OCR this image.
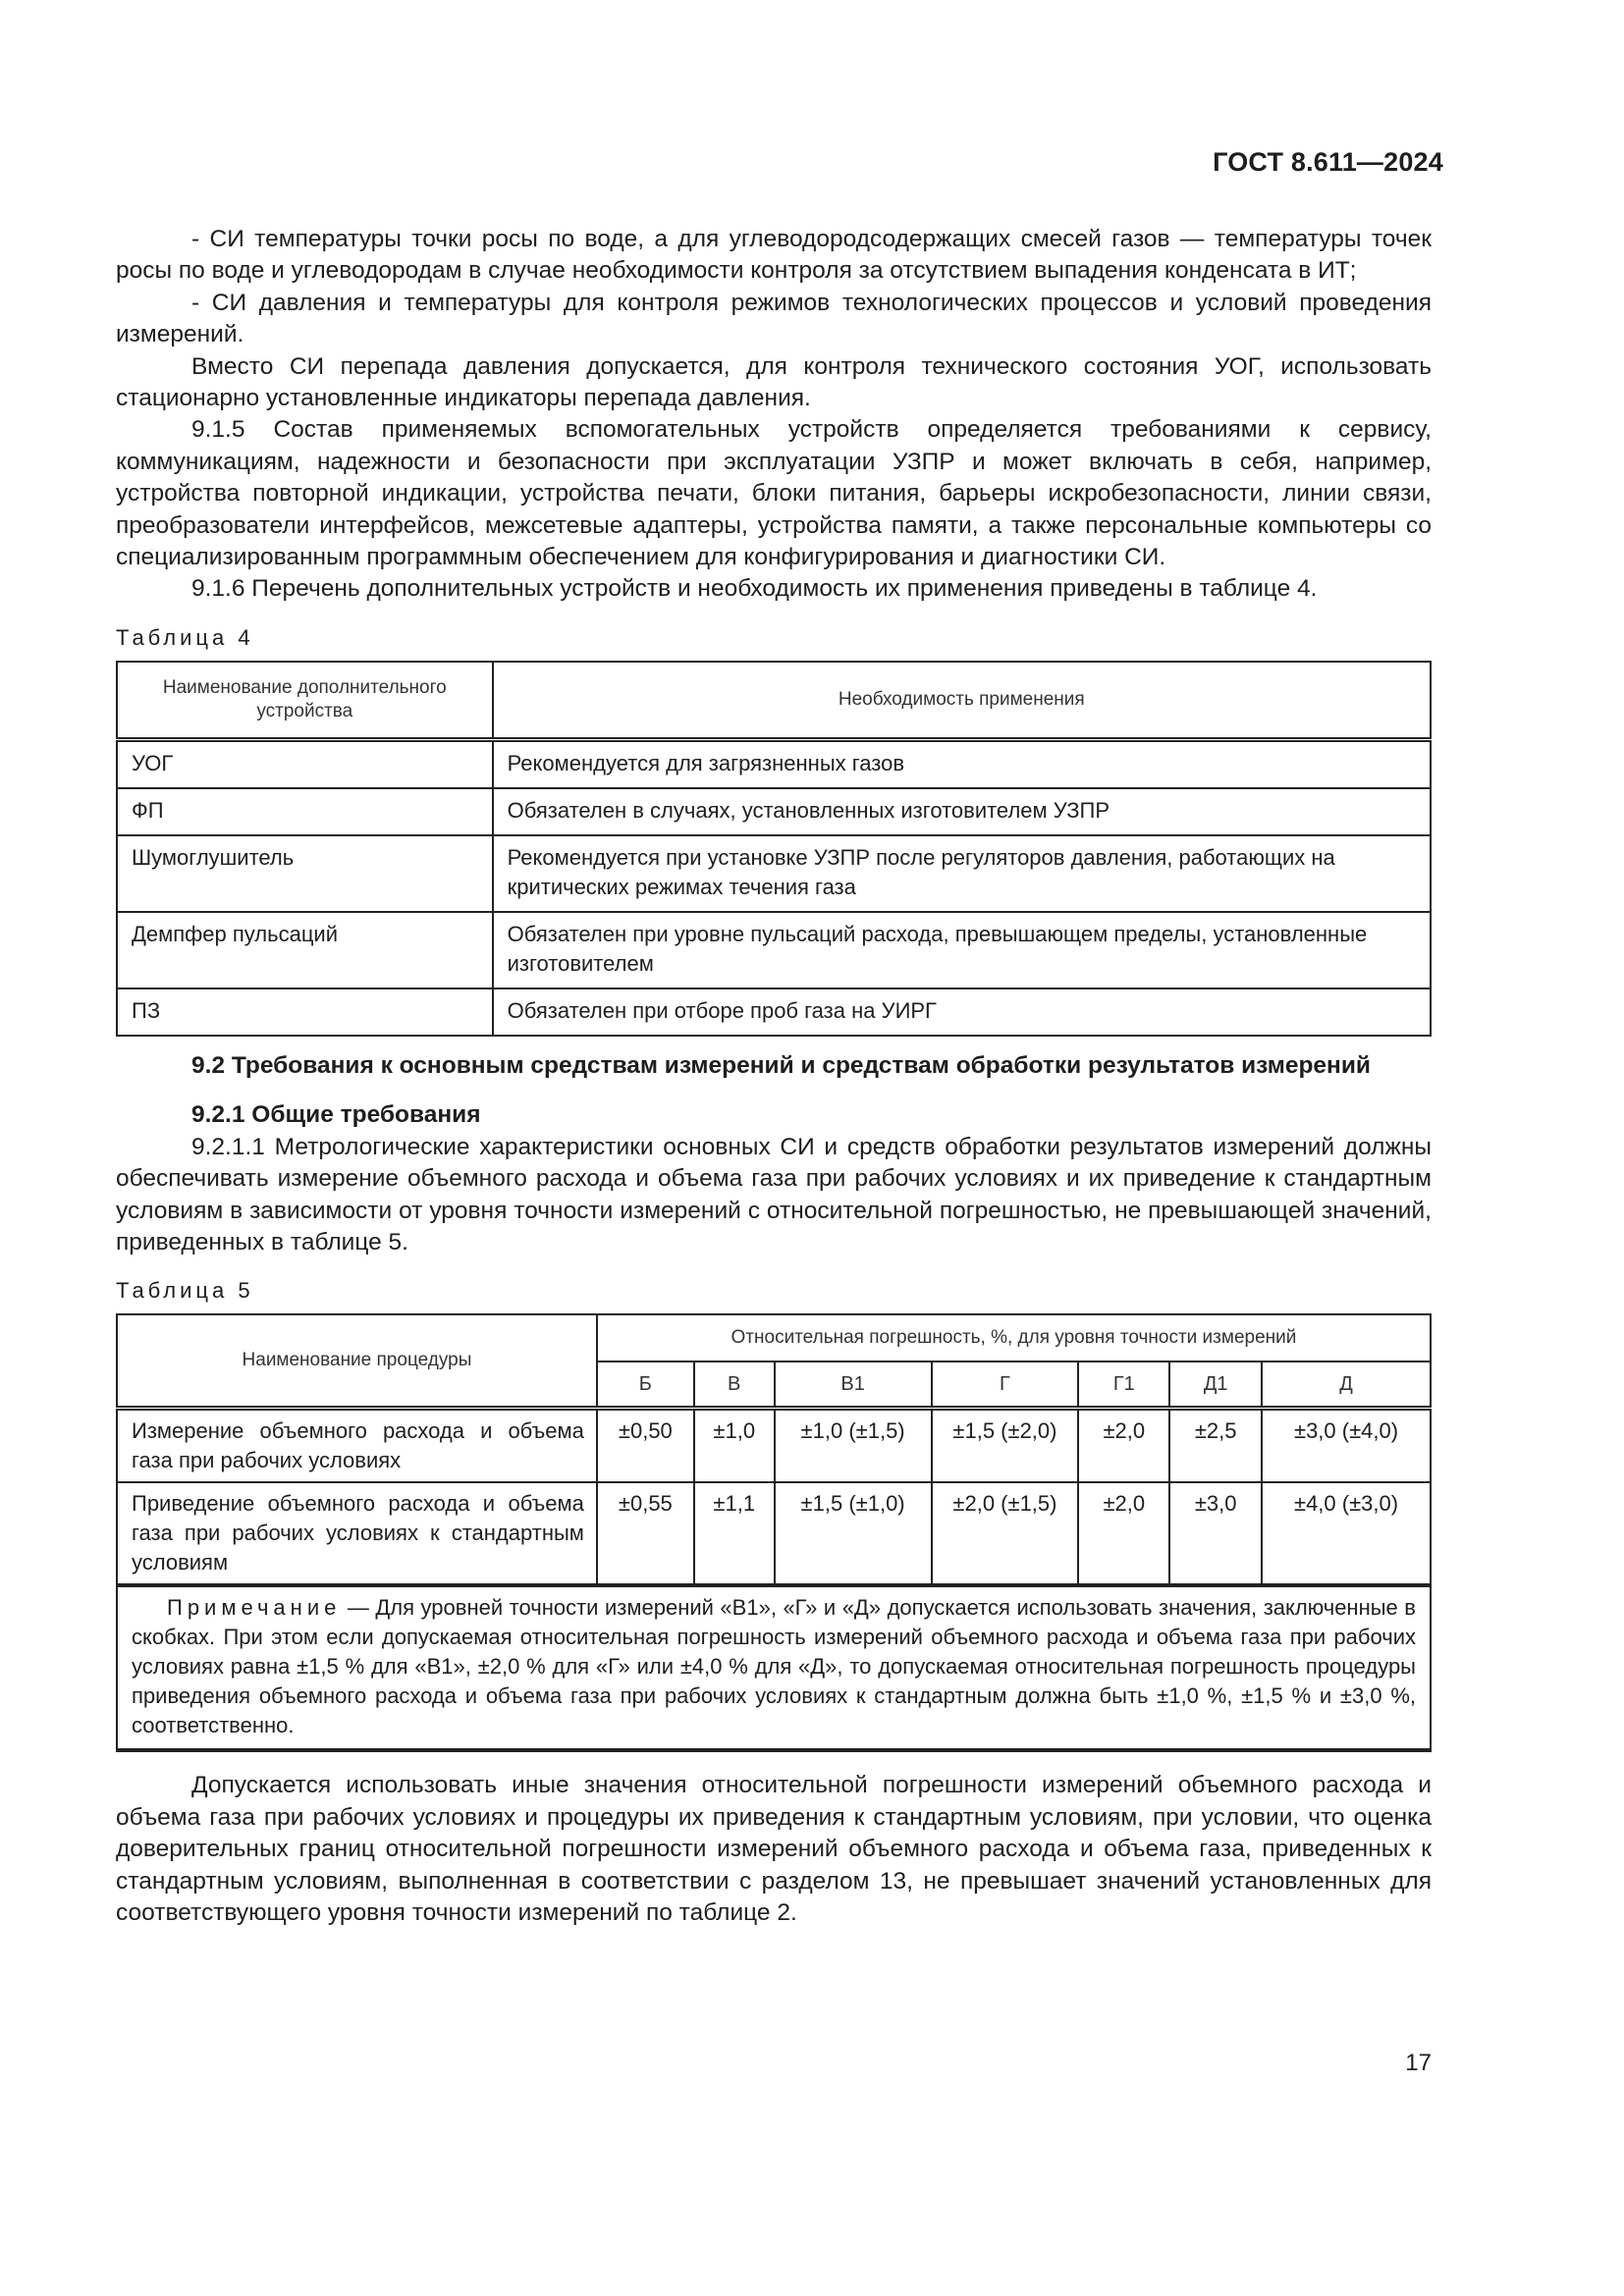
ГОСТ 8.611—2024

- СИ температуры точки росы по воде, а для углеводородсодержащих смесей газов — температуры точек росы по воде и углеводородам в случае необходимости контроля за отсутствием выпадения конденсата в ИТ;

- СИ давления и температуры для контроля режимов технологических процессов и условий проведения измерений.

Вместо СИ перепада давления допускается, для контроля технического состояния УОГ, использовать стационарно установленные индикаторы перепада давления.

9.1.5 Состав применяемых вспомогательных устройств определяется требованиями к сервису, коммуникациям, надежности и безопасности при эксплуатации УЗПР и может включать в себя, например, устройства повторной индикации, устройства печати, блоки питания, барьеры искробезопасности, линии связи, преобразователи интерфейсов, межсетевые адаптеры, устройства памяти, а также персональные компьютеры со специализированным программным обеспечением для конфигурирования и диагностики СИ.

9.1.6 Перечень дополнительных устройств и необходимость их применения приведены в таблице 4.

Таблица 4
Наименование дополнительного устройства	Необходимость применения
УОГ	Рекомендуется для загрязненных газов
ФП	Обязателен в случаях, установленных изготовителем УЗПР
Шумоглушитель	Рекомендуется при установке УЗПР после регуляторов давления, работающих на критических режимах течения газа
Демпфер пульсаций	Обязателен при уровне пульсаций расхода, превышающем пределы, установленные изготовителем
ПЗ	Обязателен при отборе проб газа на УИРГ
9.2 Требования к основным средствам измерений и средствам обработки результатов измерений
9.2.1 Общие требования

9.2.1.1 Метрологические характеристики основных СИ и средств обработки результатов измерений должны обеспечивать измерение объемного расхода и объема газа при рабочих условиях и их приведение к стандартным условиям в зависимости от уровня точности измерений с относительной погрешностью, не превышающей значений, приведенных в таблице 5.

Таблица 5
Наименование процедуры	Относительная погрешность, %, для уровня точности измерений						
	Б	В	В1	Г	Г1	Д1	Д
Измерение объемного расхода и объема газа при рабочих условиях	±0,50	±1,0	±1,0 (±1,5)	±1,5 (±2,0)	±2,0	±2,5	±3,0 (±4,0)
Приведение объемного расхода и объема газа при рабочих условиях к стандартным условиям	±0,55	±1,1	±1,5 (±1,0)	±2,0 (±1,5)	±2,0	±3,0	±4,0 (±3,0)

Примечание — Для уровней точности измерений «В1», «Г» и «Д» допускается использовать значения, заключенные в скобках. При этом если допускаемая относительная погрешность измерений объемного расхода и объема газа при рабочих условиях равна ±1,5 % для «В1», ±2,0 % для «Г» или ±4,0 % для «Д», то допускаемая относительная погрешность процедуры приведения объемного расхода и объема газа при рабочих условиях к стандартным должна быть ±1,0 %, ±1,5 % и ±3,0 %, соответственно.							

Допускается использовать иные значения относительной погрешности измерений объемного расхода и объема газа при рабочих условиях и процедуры их приведения к стандартным условиям, при условии, что оценка доверительных границ относительной погрешности измерений объемного расхода и объема газа, приведенных к стандартным условиям, выполненная в соответствии с разделом 13, не превышает значений установленных для соответствующего уровня точности измерений по таблице 2.

17
